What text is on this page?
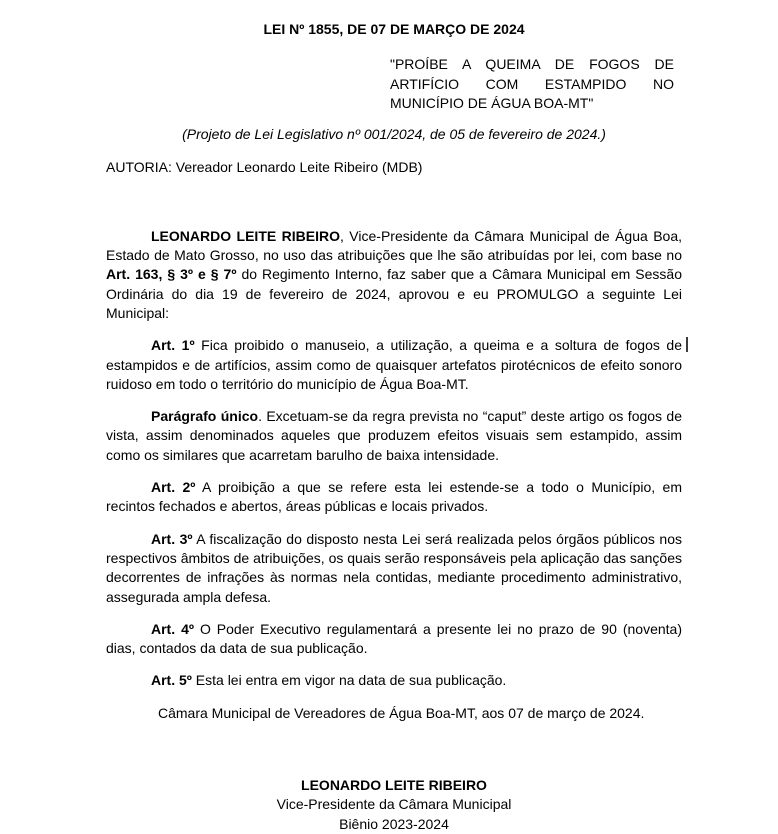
LEI Nº 1855, DE 07 DE MARÇO DE 2024
"PROÍBE A QUEIMA DE FOGOS DE ARTIFÍCIO COM ESTAMPIDO NO MUNICÍPIO DE ÁGUA BOA-MT"
(Projeto de Lei Legislativo nº 001/2024, de 05 de fevereiro de 2024.)
AUTORIA: Vereador Leonardo Leite Ribeiro (MDB)

LEONARDO LEITE RIBEIRO, Vice-Presidente da Câmara Municipal de Água Boa, Estado de Mato Grosso, no uso das atribuições que lhe são atribuídas por lei, com base no Art. 163, § 3º e § 7º do Regimento Interno, faz saber que a Câmara Municipal em Sessão Ordinária do dia 19 de fevereiro de 2024, aprovou e eu PROMULGO a seguinte Lei Municipal:

Art. 1º Fica proibido o manuseio, a utilização, a queima e a soltura de fogos de estampidos e de artifícios, assim como de quaisquer artefatos pirotécnicos de efeito sonoro ruidoso em todo o território do município de Água Boa-MT.

Parágrafo único. Excetuam-se da regra prevista no “caput” deste artigo os fogos de vista, assim denominados aqueles que produzem efeitos visuais sem estampido, assim como os similares que acarretam barulho de baixa intensidade.

Art. 2º A proibição a que se refere esta lei estende-se a todo o Município, em recintos fechados e abertos, áreas públicas e locais privados.

Art. 3º A fiscalização do disposto nesta Lei será realizada pelos órgãos públicos nos respectivos âmbitos de atribuições, os quais serão responsáveis pela aplicação das sanções decorrentes de infrações às normas nela contidas, mediante procedimento administrativo, assegurada ampla defesa.

Art. 4º O Poder Executivo regulamentará a presente lei no prazo de 90 (noventa) dias, contados da data de sua publicação.

Art. 5º Esta lei entra em vigor na data de sua publicação.

Câmara Municipal de Vereadores de Água Boa-MT, aos 07 de março de 2024.

LEONARDO LEITE RIBEIRO
Vice-Presidente da Câmara Municipal
Biênio 2023-2024
